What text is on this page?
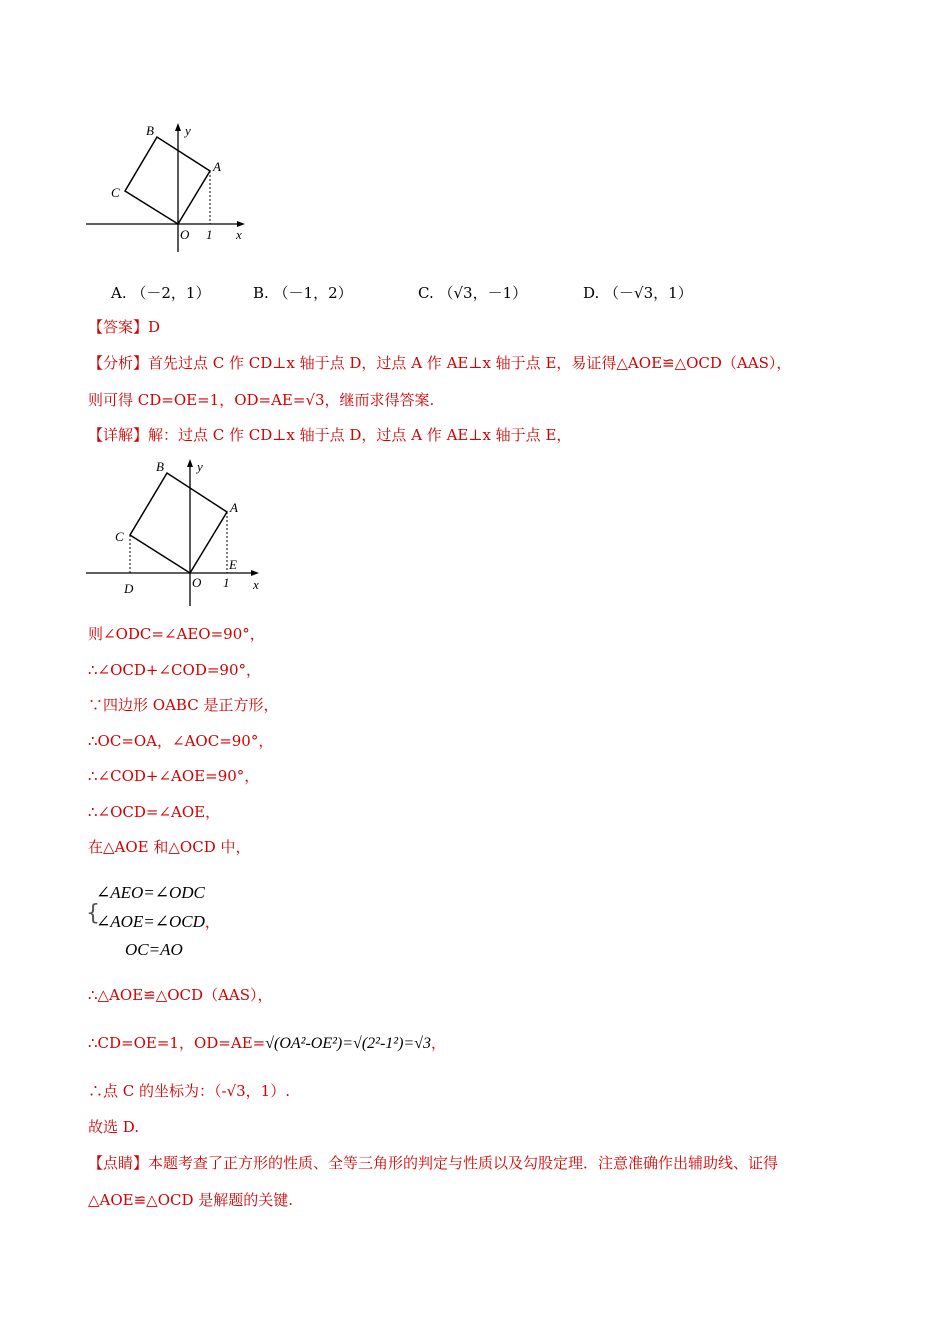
B y
A
C
O 1 x
A. （－2，1）	B. （－1，2）	C. （√3，－1）	D. （－√3，1）
【答案】D
【分析】首先过点 C 作 CD⊥x 轴于点 D，过点 A 作 AE⊥x 轴于点 E，易证得△AOE≌△OCD（AAS），
则可得 CD=OE=1，OD=AE=√3，继而求得答案.
【详解】解：过点 C 作 CD⊥x 轴于点 D，过点 A 作 AE⊥x 轴于点 E，
B	y
A
C
E
O 1
D	x
则∠ODC=∠AEO=90°，
∴∠OCD+∠COD=90°，
∵四边形 OABC 是正方形，
∴OC=OA，∠AOC=90°，
∴∠COD+∠AOE=90°，
∴∠OCD=∠AOE，
在△AOE 和△OCD 中，
{
∠AEO=∠ODC
∠AOE=∠OCD，
OC=AO
∴△AOE≌△OCD（AAS），
∴CD=OE=1，OD=AE=√(OA²-OE²)=√(2²-1²)=√3，
∴点 C 的坐标为：（-√3，1）.
故选 D.
【点睛】本题考查了正方形的性质、全等三角形的判定与性质以及勾股定理．注意准确作出辅助线、证得
△AOE≌△OCD 是解题的关键.
